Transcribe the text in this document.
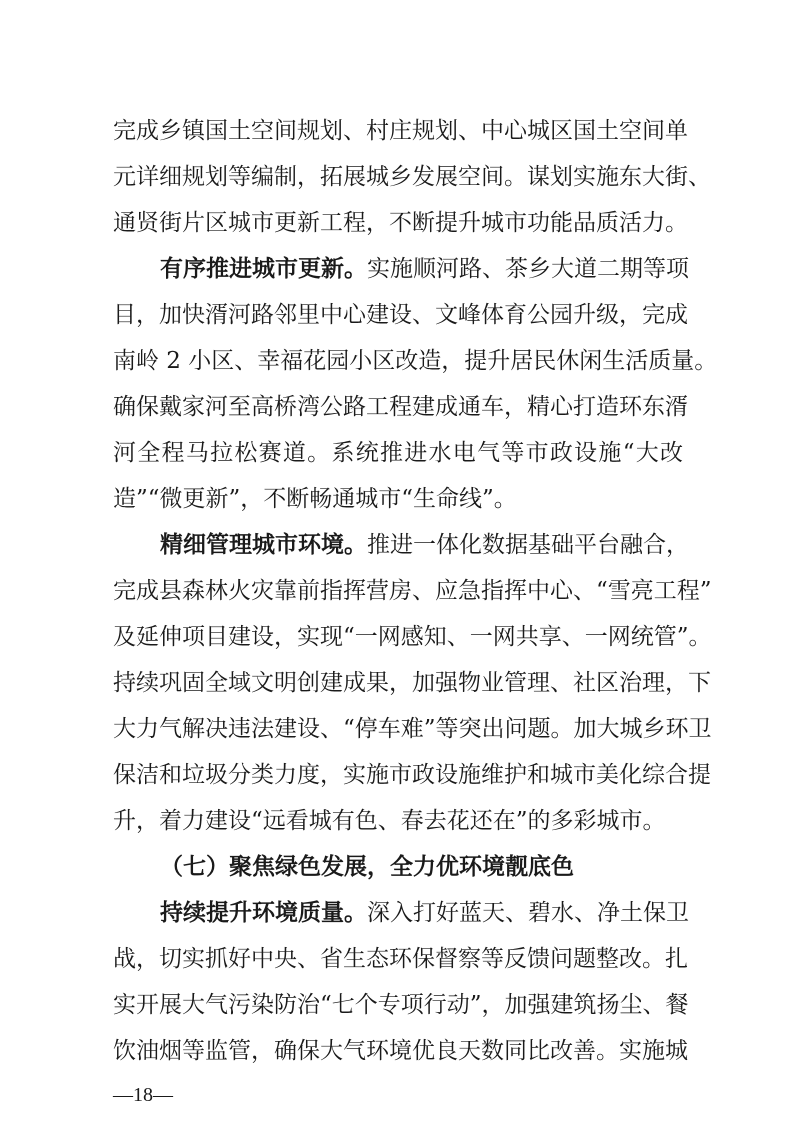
完成乡镇国土空间规划、村庄规划、中心城区国土空间单
元详细规划等编制，拓展城乡发展空间。谋划实施东大街、
通贤街片区城市更新工程，不断提升城市功能品质活力。
有序推进城市更新。实施顺河路、茶乡大道二期等项
目，加快湑河路邻里中心建设、文峰体育公园升级，完成
南岭 2 小区、幸福花园小区改造，提升居民休闲生活质量。
确保戴家河至高桥湾公路工程建成通车，精心打造环东湑
河全程马拉松赛道。系统推进水电气等市政设施“大改
造”“微更新”，不断畅通城市“生命线”。
精细管理城市环境。推进一体化数据基础平台融合，
完成县森林火灾靠前指挥营房、应急指挥中心、“雪亮工程”
及延伸项目建设，实现“一网感知、一网共享、一网统管”。
持续巩固全域文明创建成果，加强物业管理、社区治理，下
大力气解决违法建设、“停车难”等突出问题。加大城乡环卫
保洁和垃圾分类力度，实施市政设施维护和城市美化综合提
升，着力建设“远看城有色、春去花还在”的多彩城市。
（七）聚焦绿色发展，全力优环境靓底色
持续提升环境质量。深入打好蓝天、碧水、净土保卫
战，切实抓好中央、省生态环保督察等反馈问题整改。扎
实开展大气污染防治“七个专项行动”，加强建筑扬尘、餐
饮油烟等监管，确保大气环境优良天数同比改善。实施城
—18—
